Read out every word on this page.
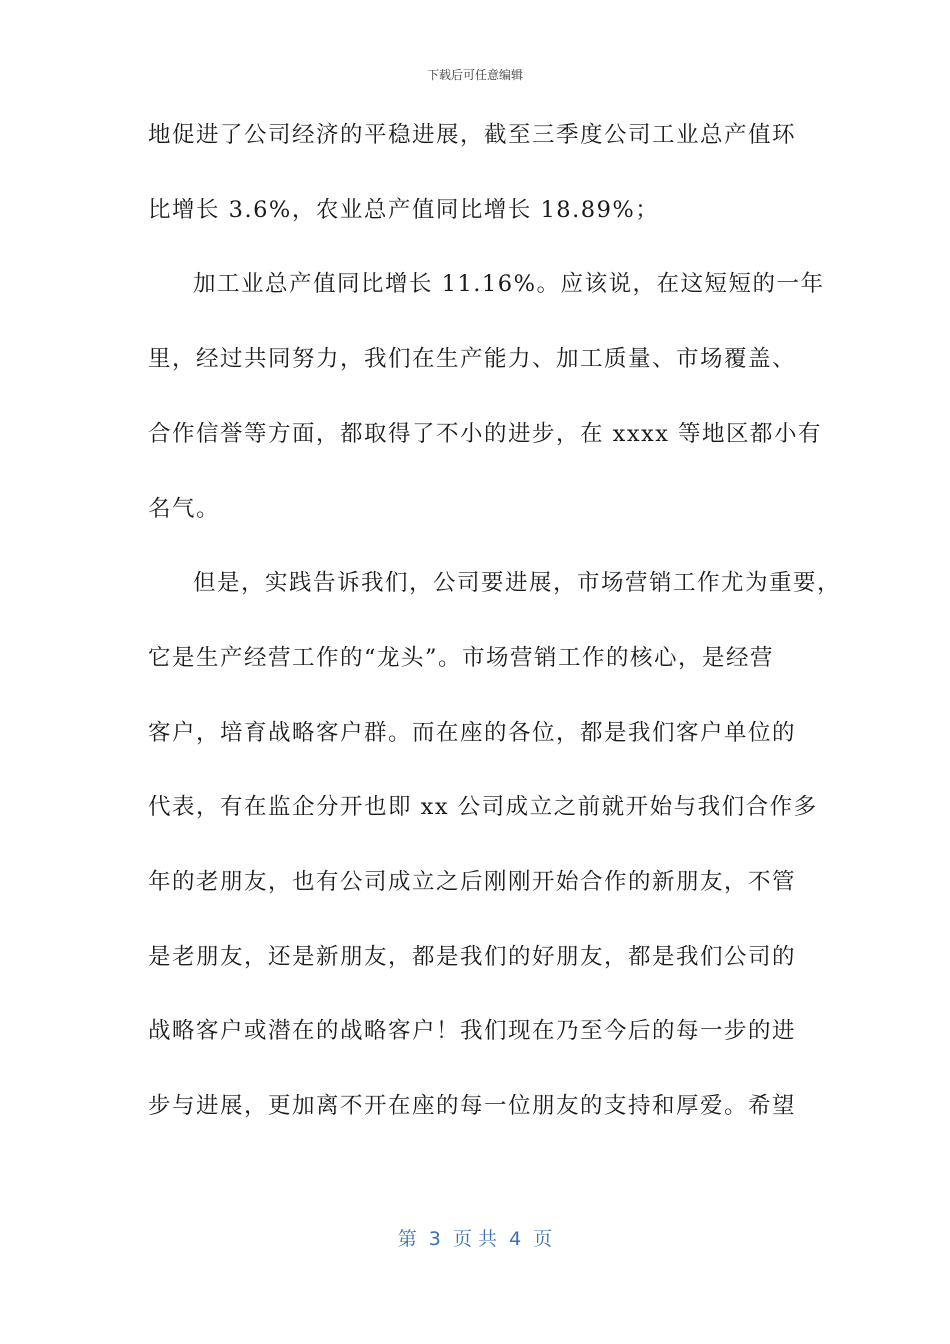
下载后可任意编辑
地促进了公司经济的平稳进展，截至三季度公司工业总产值环
比增长 3.6%，农业总产值同比增长 18.89%；
加工业总产值同比增长 11.16%。应该说，在这短短的一年
里，经过共同努力，我们在生产能力、加工质量、市场覆盖、
合作信誉等方面，都取得了不小的进步，在 xxxx 等地区都小有
名气。
但是，实践告诉我们，公司要进展，市场营销工作尤为重要，
它是生产经营工作的“龙头”。市场营销工作的核心，是经营
客户，培育战略客户群。而在座的各位，都是我们客户单位的
代表，有在监企分开也即 xx 公司成立之前就开始与我们合作多
年的老朋友，也有公司成立之后刚刚开始合作的新朋友，不管
是老朋友，还是新朋友，都是我们的好朋友，都是我们公司的
战略客户或潜在的战略客户！我们现在乃至今后的每一步的进
步与进展，更加离不开在座的每一位朋友的支持和厚爱。希望
第  3  页 共  4  页
